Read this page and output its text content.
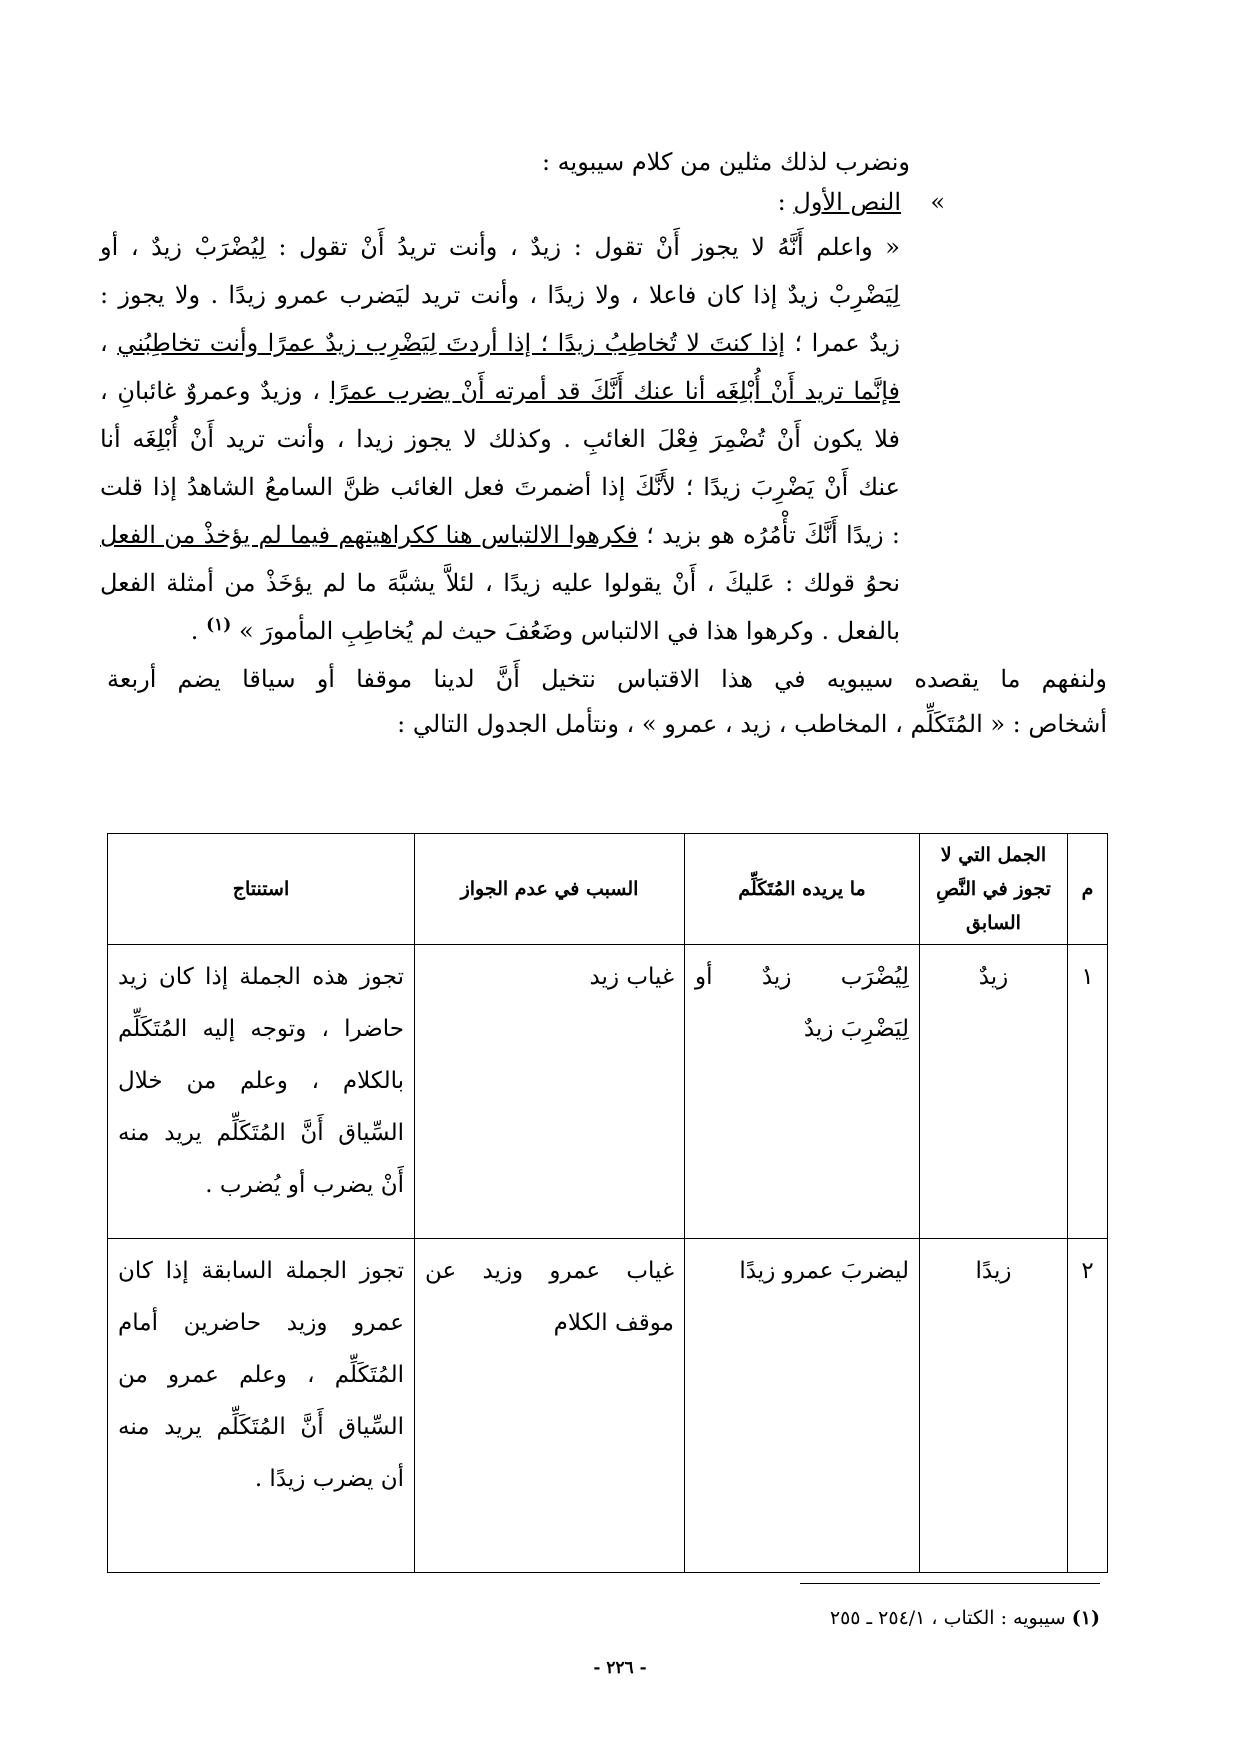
ونضرب لذلك مثلين من كلام سيبويه :
»  النص الأول :
« واعلم أَنَّهُ لا يجوز أَنْ تقول : زيدٌ ، وأنت تريدُ أَنْ تقول : لِيُضْرَبْ زيدٌ ، أو
لِيَضْرِبْ زيدٌ إذا كان فاعلا ، ولا زيدًا ، وأنت تريد ليَضرب عمرو زيدًا . ولا يجوز :
زيدٌ عمرا ؛ إذا كنتَ لا تُخاطِبُ زيدًا ؛ إذا أردتَ لِيَضْرِب زيدٌ عمرًا وأنت تخاطِبُني ،
فإنَّما تريد أَنْ أُبْلِغَه أنا عنك أَنَّكَ قد أمرته أَنْ يضرب عمرًا ، وزيدٌ وعمروٌ غائبانِ ،
فلا يكون أَنْ تُضْمِرَ فِعْلَ الغائبِ . وكذلك لا يجوز زيدا ، وأنت تريد أَنْ أُبْلِغَه أنا
عنك أَنْ يَضْرِبَ زيدًا ؛ لأَنَّكَ إذا أضمرتَ فعل الغائب ظنَّ السامعُ الشاهدُ إذا قلت
: زيدًا أَنَّكَ تأْمُرُه هو بزيد ؛ فكرهوا الالتباس هنا ككراهيتهم فيما لم يؤخذْ من الفعل
نحوُ قولك : عَليكَ ، أَنْ يقولوا عليه زيدًا ، لئلاَّ يشبَّهَ ما لم يؤخَذْ من أمثلة الفعل
بالفعل . وكرهوا هذا في الالتباس وضَعُفَ حيث لم يُخاطِبِ المأمورَ » $^{(١)}$ .
ولنفهم ما يقصده سيبويه في هذا الاقتباس نتخيل أَنَّ لدينا موقفا أو سياقا يضم أربعة
أشخاص : « المُتَكَلِّم ، المخاطب ، زيد ، عمرو » ، ونتأمل الجدول التالي :
م	الجمل التي لا تجوز في النَّصِ السابق	ما يريده المُتَكَلِّم	السبب في عدم الجواز	استنتاج
١	زيدٌ	لِيُضْرَب زيدٌ أو
لِيَضْرِبَ زيدٌ	غياب زيد	تجوز هذه الجملة إذا كان زيد
حاضرا ، وتوجه إليه المُتَكَلِّم
بالكلام ، وعلم من خلال
السِّياق أَنَّ المُتَكَلِّم يريد منه
أَنْ يضرب أو يُضرب .

٢	زيدًا	ليضربَ عمرو زيدًا	غياب عمرو وزيد عن
موقف الكلام	تجوز الجملة السابقة إذا كان
عمرو وزيد حاضرين أمام
المُتَكَلِّم ، وعلم عمرو من
السِّياق أَنَّ المُتَكَلِّم يريد منه
أن يضرب زيدًا .
(١) سيبويه : الكتاب ، ٢٥٤/١ ـ ٢٥٥
- ٢٢٦ -
